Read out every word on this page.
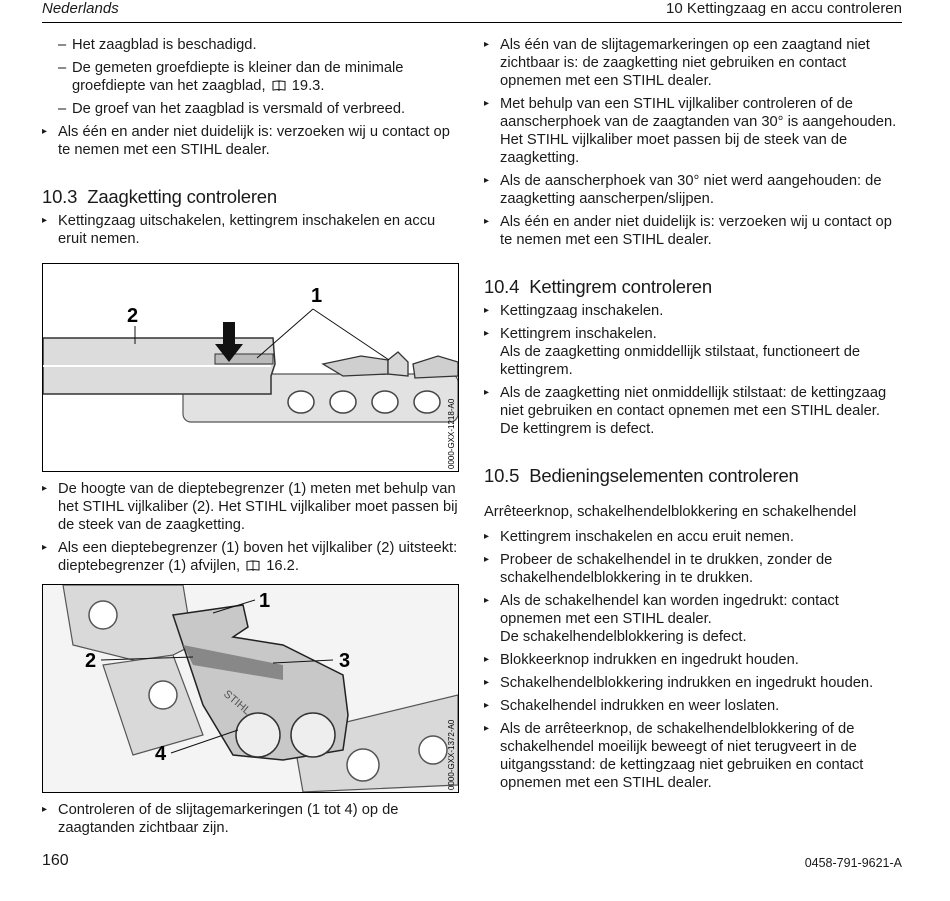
Nederlands	10 Kettingzaag en accu controleren
– Het zaagblad is beschadigd.
– De gemeten groefdiepte is kleiner dan de minimale groefdiepte van het zaagblad, 19.3.
– De groef van het zaagblad is versmald of verbreed.
▸ Als één en ander niet duidelijk is: verzoeken wij u contact op te nemen met een STIHL dealer.
10.3 Zaagketting controleren
▸ Kettingzaag uitschakelen, kettingrem inschakelen en accu eruit nemen.
1
2
0000-GXX-1218-A0
▸ De hoogte van de dieptebegrenzer (1) meten met behulp van het STIHL vijlkaliber (2). Het STIHL vijlkaliber moet passen bij de steek van de zaagketting.
▸ Als een dieptebegrenzer (1) boven het vijlkaliber (2) uitsteekt: dieptebegrenzer (1) afvijlen, 16.2.
STIHL
1
2	3
4	0000-GXX-1372-A0
▸ Controleren of de slijtagemarkeringen (1 tot 4) op de zaagtanden zichtbaar zijn.
▸ Als één van de slijtagemarkeringen op een zaagtand niet zichtbaar is: de zaagketting niet gebruiken en contact opnemen met een STIHL dealer.
▸ Met behulp van een STIHL vijlkaliber controleren of de aanscherphoek van de zaagtanden van 30° is aangehouden. Het STIHL vijlkaliber moet passen bij de steek van de zaagketting.
▸ Als de aanscherphoek van 30° niet werd aangehouden: de zaagketting aanscherpen/slijpen.
▸ Als één en ander niet duidelijk is: verzoeken wij u contact op te nemen met een STIHL dealer.
10.4 Kettingrem controleren
▸ Kettingzaag inschakelen.
▸ Kettingrem inschakelen.
Als de zaagketting onmiddellijk stilstaat, functioneert de kettingrem.
▸ Als de zaagketting niet onmiddellijk stilstaat: de kettingzaag niet gebruiken en contact opnemen met een STIHL dealer.
De kettingrem is defect.
10.5 Bedieningselementen controleren
Arrêteerknop, schakelhendelblokkering en schakelhendel
▸ Kettingrem inschakelen en accu eruit nemen.
▸ Probeer de schakelhendel in te drukken, zonder de schakelhendelblokkering in te drukken.
▸ Als de schakelhendel kan worden ingedrukt: contact opnemen met een STIHL dealer.
De schakelhendelblokkering is defect.
▸ Blokkeerknop indrukken en ingedrukt houden.
▸ Schakelhendelblokkering indrukken en ingedrukt houden.
▸ Schakelhendel indrukken en weer loslaten.
▸ Als de arrêteerknop, de schakelhendelblokkering of de schakelhendel moeilijk beweegt of niet terugveert in de uitgangsstand: de kettingzaag niet gebruiken en contact opnemen met een STIHL dealer.
160	0458-791-9621-A
